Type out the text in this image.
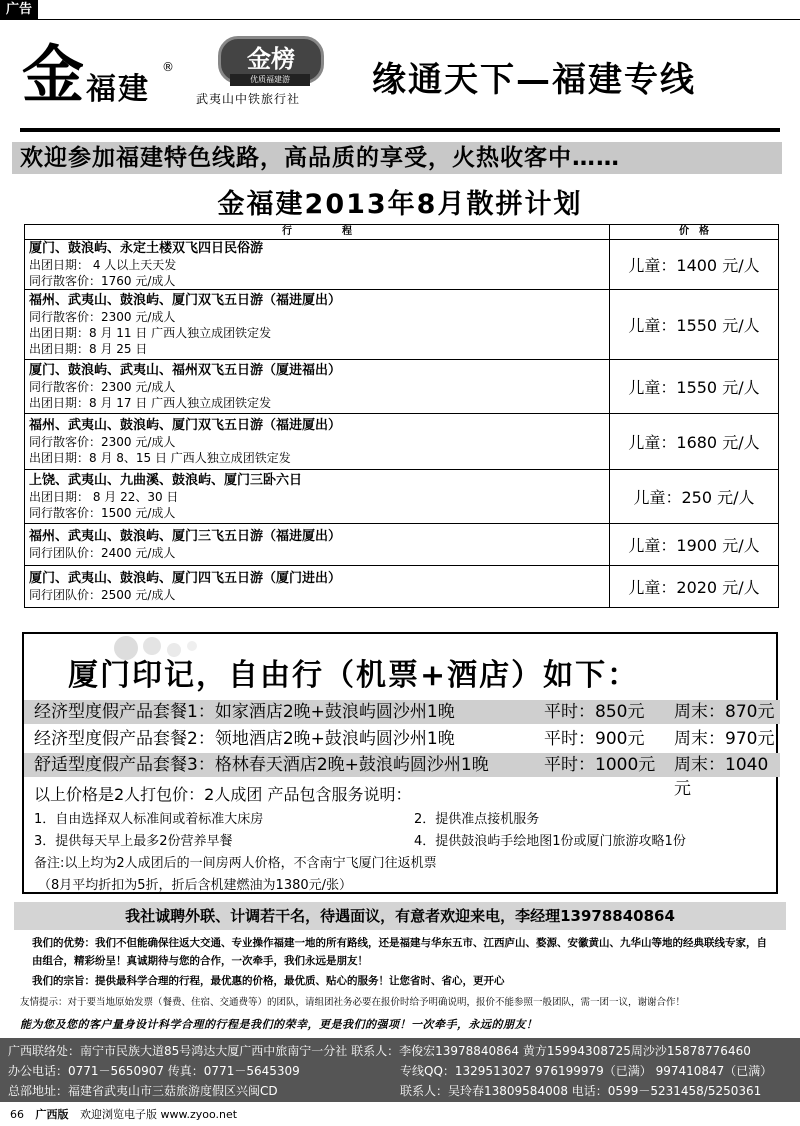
广告
金 福建
®	金榜
优质福建游
武夷山中铁旅行社 缘通天下—福建专线
欢迎参加福建特色线路，高品质的享受，火热收客中……
金福建2013年8月散拼计划
行　　　　　程	价　格

厦门、鼓浪屿、永定土楼双飞四日民俗游
出团日期： 4 人以上天天发
同行散客价：1760 元/成人	儿童：1400 元/人

福州、武夷山、鼓浪屿、厦门双飞五日游（福进厦出）
同行散客价：2300 元/成人
出团日期：8 月 11 日 广西人独立成团铁定发
出团日期：8 月 25 日	儿童：1550 元/人

厦门、鼓浪屿、武夷山、福州双飞五日游（厦进福出）
同行散客价：2300 元/成人
出团日期：8 月 17 日 广西人独立成团铁定发	儿童：1550 元/人

福州、武夷山、鼓浪屿、厦门双飞五日游（福进厦出）
同行散客价：2300 元/成人
出团日期：8 月 8、15 日 广西人独立成团铁定发	儿童：1680 元/人

上饶、武夷山、九曲溪、鼓浪屿、厦门三卧六日
出团日期： 8 月 22、30 日
同行散客价：1500 元/成人	儿童：250 元/人

福州、武夷山、鼓浪屿、厦门三飞五日游（福进厦出）
同行团队价：2400 元/成人	儿童：1900 元/人

厦门、武夷山、鼓浪屿、厦门四飞五日游（厦门进出）
同行团队价：2500 元/成人	儿童：2020 元/人
厦门印记，自由行（机票+酒店）如下：
经济型度假产品套餐1：如家酒店2晚+鼓浪屿圆沙州1晚	平时：850元 周末：870元
经济型度假产品套餐2：领地酒店2晚+鼓浪屿圆沙州1晚	平时：900元 周末：970元
舒适型度假产品套餐3：格林春天酒店2晚+鼓浪屿圆沙州1晚	平时：1000元 周末：1040元
以上价格是2人打包价：2人成团 产品包含服务说明：
1．自由选择双人标准间或着标准大床房	2．提供准点接机服务
3．提供每天早上最多2份营养早餐	4．提供鼓浪屿手绘地图1份或厦门旅游攻略1份
备注:以上均为2人成团后的一间房两人价格，不含南宁飞厦门往返机票
（8月平均折扣为5折，折后含机建燃油为1380元/张）
我社诚聘外联、计调若干名，待遇面议，有意者欢迎来电，李经理13978840864
我们的优势：我们不但能确保往返大交通、专业操作福建一地的所有路线，还是福建与华东五市、江西庐山、婺源、安徽黄山、九华山等地的经典联线专家，自由组合，精彩纷呈！真诚期待与您的合作，一次牵手，我们永远是朋友！
我们的宗旨：提供最科学合理的行程，最优惠的价格，最优质、贴心的服务！让您省时、省心，更开心
友情提示：对于要当地原始发票（餐费、住宿、交通费等）的团队，请组团社务必要在报价时给予明确说明，报价不能参照一般团队，需一团一议，谢谢合作！
能为您及您的客户量身设计科学合理的行程是我们的荣幸，更是我们的强项！一次牵手，永远的朋友！
广西联络处：南宁市民族大道85号鸿达大厦广西中旅南宁一分社 联系人：李俊宏13978840864 黄方15994308725周沙沙15878776460
办公电话：0771－5650907 传真：0771－5645309	专线QQ：1329513027 976199979（已满） 997410847（已满）
总部地址：福建省武夷山市三菇旅游度假区兴闽CD	联系人：吴玲春13809584008 电话：0599－5231458/5250361
66 广西版 欢迎浏览电子版 www.zyoo.net
